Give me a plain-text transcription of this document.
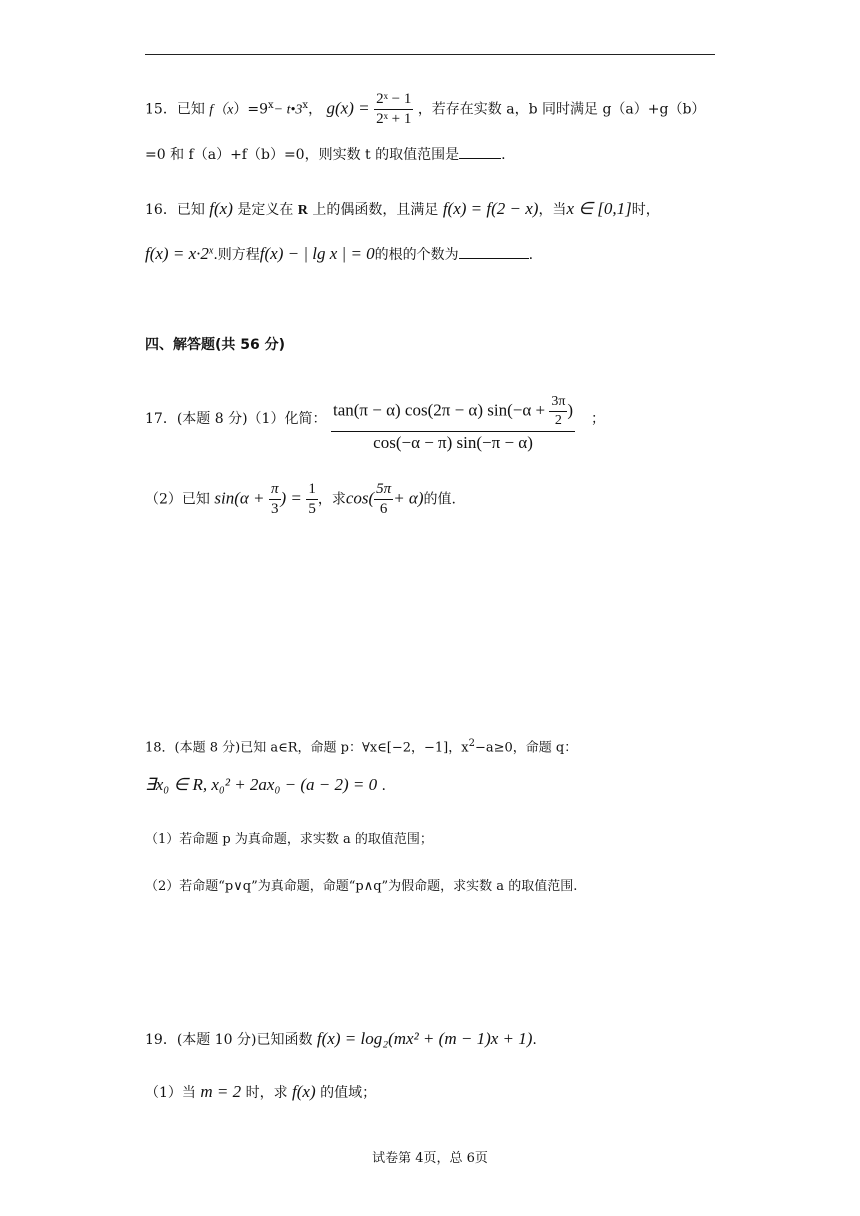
15．已知 $f(x)=9^x-$ $t•3^x$， $g(x) = \frac{\text{2ˣ − 1}}{\text{2ˣ + 1}}$ ，若存在实数 a，b 同时满足 g（a）+g（b）
=0 和 f（a）+f（b）=0，则实数 t 的取值范围是	.
16．已知 f(x) 是定义在 R 上的偶函数，且满足 f(x) = f(2 − x)，当x ∈ [0,1]时，
$f(x) = x\cdot 2^x$.则方程f(x) − | lg x | = 0的根的个数为	.
四、解答题(共 56 分)
17．(本题 8 分)（1）化简： tan(π − α) cos(2π − α) $\sin(-\alpha + \frac{3\pi}{2}$ )
cos(−α − π) sin(−π − α)
；
（2）已知 $\sin(\alpha + \frac{\pi}{3}$ ) = $\frac{1}{5}$ ，求$\cos( \frac{5\pi}{6} + \alpha)$的值.
18．(本题 8 分)已知 a∈R，命题 p：∀x∈[−2，−1]，$x^2-a\ge 0$，命题 q：
∃x₀ ∈ R, x₀² + 2ax₀ − (a − 2) = 0 .
（1）若命题 p 为真命题，求实数 a 的取值范围；
（2）若命题“p∨q”为真命题，命题“p∧q”为假命题，求实数 a 的取值范围.
19．(本题 10 分)已知函数 f(x) = log₂(mx² + (m − 1)x + 1).
（1）当 m = 2 时，求 f(x) 的值域；
试卷第 4页，总 6页
